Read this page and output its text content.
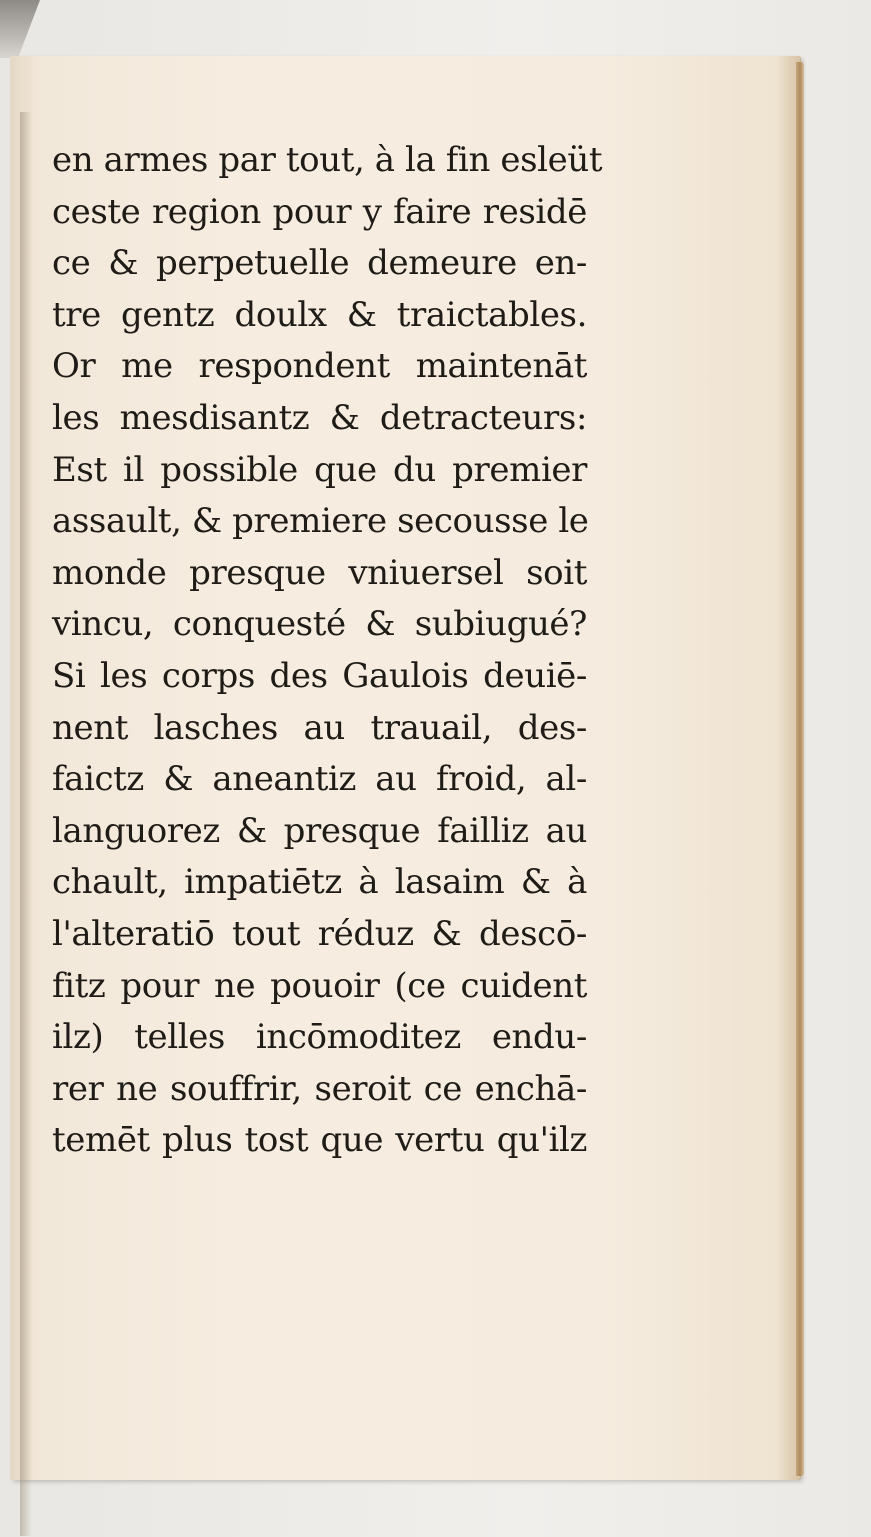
en armes par tout, à la fin esleüt
ceste region pour y faire residē
ce & perpetuelle demeure en-
tre gentz doulx & traictables.
Or me respondent maintenāt
les mesdisantz & detracteurs:
Est il possible que du premier
assault, & premiere secousse le
monde presque vniuersel soit
vincu, conquesté & subiugué?
Si les corps des Gaulois deuiē-
nent lasches au trauail, des-
faictz & aneantiz au froid, al-
languorez & presque failliz au
chault, impatiētz à lasaim & à
l'alteratiō tout réduz & descō-
fitz pour ne pouoir (ce cuident
ilz) telles incōmoditez endu-
rer ne souffrir, seroit ce enchā-
temēt plus tost que vertu qu'ilz
